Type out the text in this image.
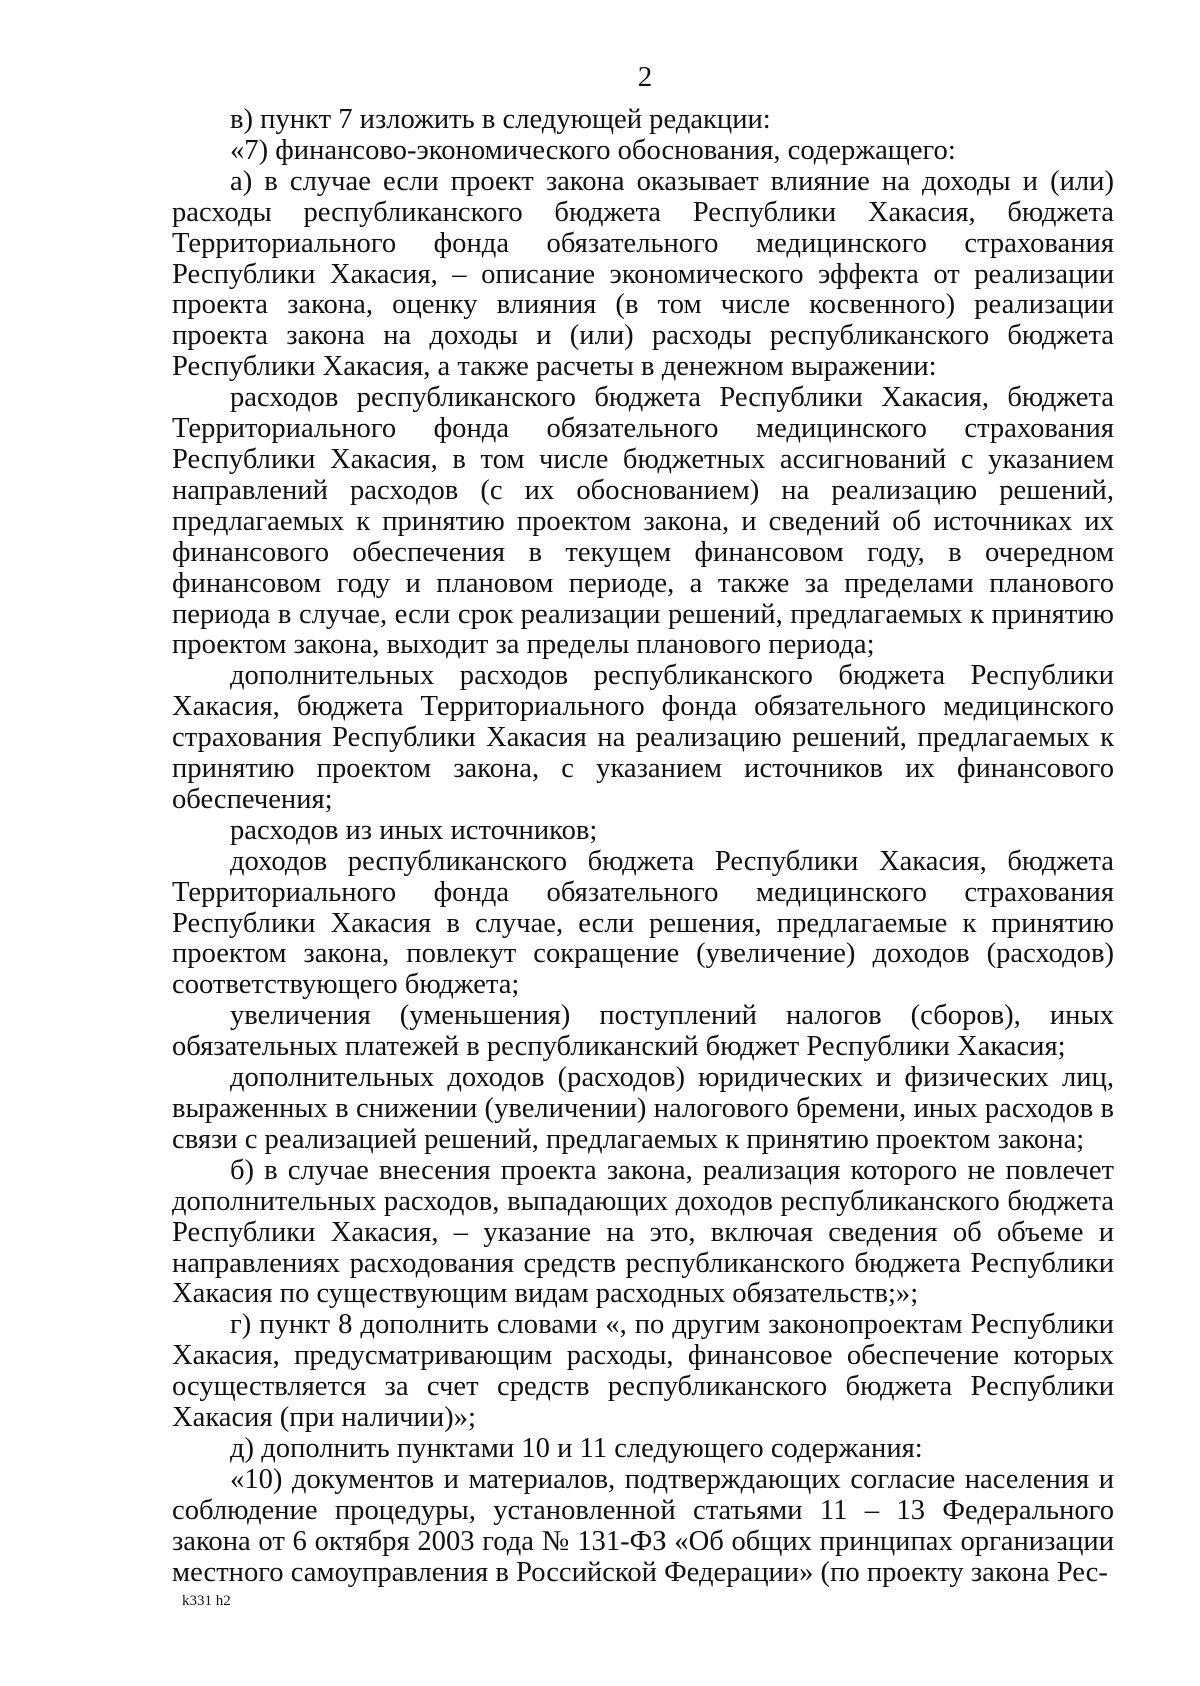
2

в) пункт 7 изложить в следующей редакции:

«7) финансово-экономического обоснования, содержащего:

а) в случае если проект закона оказывает влияние на доходы и (или) расходы республиканского бюджета Республики Хакасия, бюджета Территориального фонда обязательного медицинского страхования Республики Хакасия, – описание экономического эффекта от реализации проекта закона, оценку влияния (в том числе косвенного) реализации проекта закона на доходы и (или) расходы республиканского бюджета Республики Хакасия, а также расчеты в денежном выражении:

расходов республиканского бюджета Республики Хакасия, бюджета Территориального фонда обязательного медицинского страхования Республики Хакасия, в том числе бюджетных ассигнований с указанием направлений расходов (с их обоснованием) на реализацию решений, предлагаемых к принятию проектом закона, и сведений об источниках их финансового обеспечения в текущем финансовом году, в очередном финансовом году и плановом периоде, а также за пределами планового периода в случае, если срок реализации решений, предлагаемых к принятию проектом закона, выходит за пределы планового периода;

дополнительных расходов республиканского бюджета Республики Хакасия, бюджета Территориального фонда обязательного медицинского страхования Республики Хакасия на реализацию решений, предлагаемых к принятию проектом закона, с указанием источников их финансового обеспечения;

расходов из иных источников;

доходов республиканского бюджета Республики Хакасия, бюджета Территориального фонда обязательного медицинского страхования Республики Хакасия в случае, если решения, предлагаемые к принятию проектом закона, повлекут сокращение (увеличение) доходов (расходов) соответствующего бюджета;

увеличения (уменьшения) поступлений налогов (сборов), иных обязательных платежей в республиканский бюджет Республики Хакасия;

дополнительных доходов (расходов) юридических и физических лиц, выраженных в снижении (увеличении) налогового бремени, иных расходов в связи с реализацией решений, предлагаемых к принятию проектом закона;

б) в случае внесения проекта закона, реализация которого не повлечет дополнительных расходов, выпадающих доходов республиканского бюджета Республики Хакасия, – указание на это, включая сведения об объеме и направлениях расходования средств республиканского бюджета Республики Хакасия по существующим видам расходных обязательств;»;

г) пункт 8 дополнить словами «, по другим законопроектам Республики Хакасия, предусматривающим расходы, финансовое обеспечение которых осуществляется за счет средств республиканского бюджета Республики Хакасия (при наличии)»;

д) дополнить пунктами 10 и 11 следующего содержания:

«10) документов и материалов, подтверждающих согласие населения и соблюдение процедуры, установленной статьями 11 – 13 Федерального закона от 6 октября 2003 года № 131-ФЗ «Об общих принципах организации местного самоуправления в Российской Федерации» (по проекту закона Рес-

k331 h2
